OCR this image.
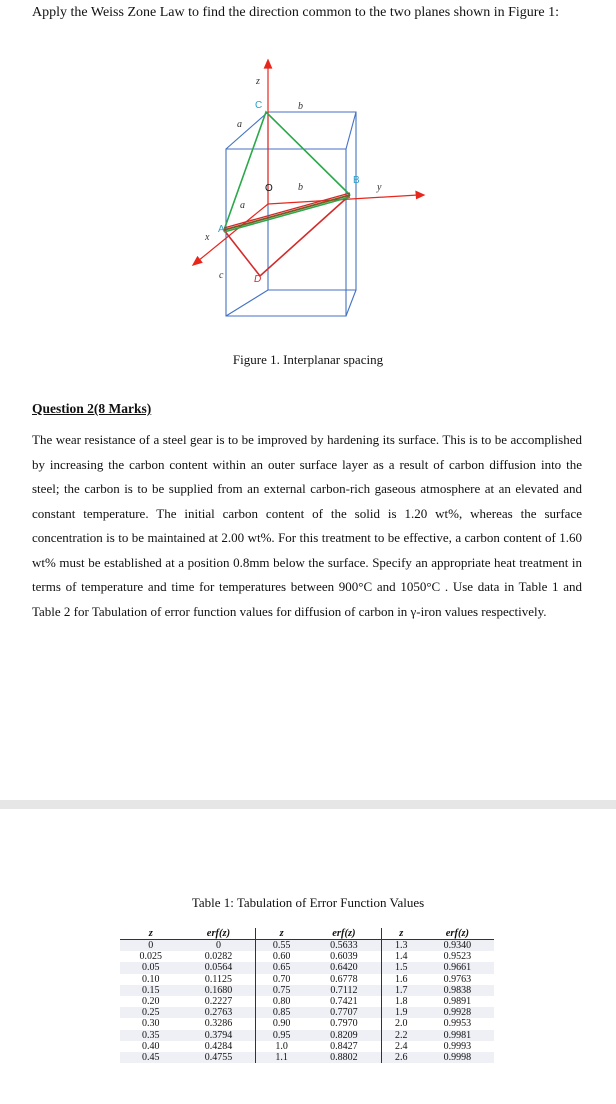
Apply the Weiss Zone Law to find the direction common to the two planes shown in Figure 1:

z
x
y
A
B
C
D
O
a
a
b
b
c

Figure 1. Interplanar spacing

Question 2(8 Marks)

The wear resistance of a steel gear is to be improved by hardening its surface. This is to be accomplished by increasing the carbon content within an outer surface layer as a result of carbon diffusion into the steel; the carbon is to be supplied from an external carbon-rich gaseous atmosphere at an elevated and constant temperature. The initial carbon content of the solid is 1.20 wt%, whereas the surface concentration is to be maintained at 2.00 wt%. For this treatment to be effective, a carbon content of 1.60 wt% must be established at a position 0.8mm below the surface. Specify an appropriate heat treatment in terms of temperature and time for temperatures between 900°C and 1050°C . Use data in Table 1 and Table 2 for Tabulation of error function values for diffusion of carbon in γ-iron values respectively.

Table 1: Tabulation of Error Function Values

z	erf(z)	z	erf(z)	z	erf(z)
0	0	0.55	0.5633	1.3	0.9340
0.025	0.0282	0.60	0.6039	1.4	0.9523
0.05	0.0564	0.65	0.6420	1.5	0.9661
0.10	0.1125	0.70	0.6778	1.6	0.9763
0.15	0.1680	0.75	0.7112	1.7	0.9838
0.20	0.2227	0.80	0.7421	1.8	0.9891
0.25	0.2763	0.85	0.7707	1.9	0.9928
0.30	0.3286	0.90	0.7970	2.0	0.9953
0.35	0.3794	0.95	0.8209	2.2	0.9981
0.40	0.4284	1.0	0.8427	2.4	0.9993
0.45	0.4755	1.1	0.8802	2.6	0.9998
